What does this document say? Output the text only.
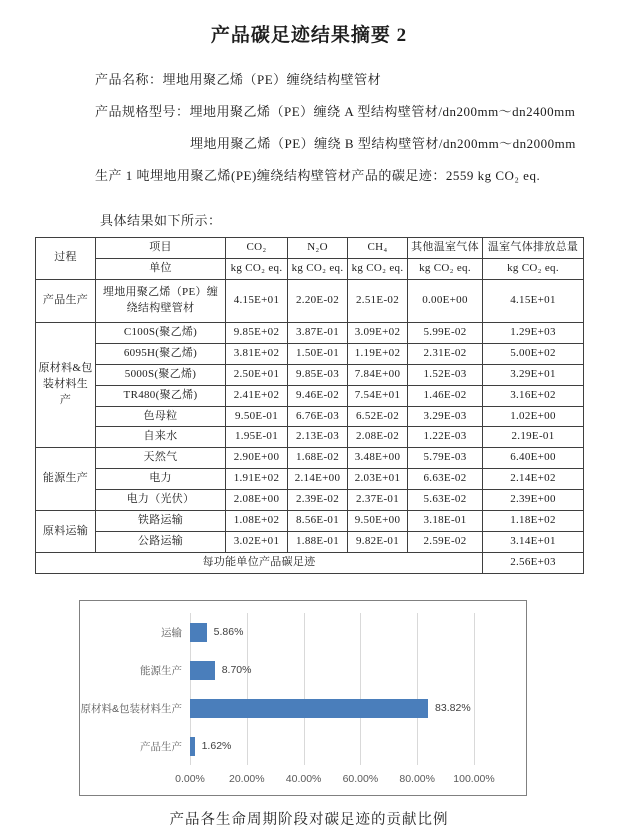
产品碳足迹结果摘要 2

产品名称：埋地用聚乙烯（PE）缠绕结构壁管材

产品规格型号：埋地用聚乙烯（PE）缠绕 A 型结构壁管材/dn200mm～dn2400mm

埋地用聚乙烯（PE）缠绕 B 型结构壁管材/dn200mm～dn2000mm

生产 1 吨埋地用聚乙烯(PE)缠绕结构壁管材产品的碳足迹：2559 kg CO₂ eq.

具体结果如下所示：

过程	项目	CO₂	N₂O	CH₄	其他温室气体	温室气体排放总量
	单位	kg CO₂ eq.	kg CO₂ eq.	kg CO₂ eq.	kg CO₂ eq.	kg CO₂ eq.
产品生产	埋地用聚乙烯（PE）缠绕结构壁管材	4.15E+01	2.20E-02	2.51E-02	0.00E+00	4.15E+01
原材料&包装材料生产	C100S(聚乙烯)	9.85E+02	3.87E-01	3.09E+02	5.99E-02	1.29E+03
	6095H(聚乙烯)	3.81E+02	1.50E-01	1.19E+02	2.31E-02	5.00E+02
	5000S(聚乙烯)	2.50E+01	9.85E-03	7.84E+00	1.52E-03	3.29E+01
	TR480(聚乙烯)	2.41E+02	9.46E-02	7.54E+01	1.46E-02	3.16E+02
	色母粒	9.50E-01	6.76E-03	6.52E-02	3.29E-03	1.02E+00
	自来水	1.95E-01	2.13E-03	2.08E-02	1.22E-03	2.19E-01
能源生产	天然气	2.90E+00	1.68E-02	3.48E+00	5.79E-03	6.40E+00
	电力	1.91E+02	2.14E+00	2.03E+01	6.63E-02	2.14E+02
	电力（光伏）	2.08E+00	2.39E-02	2.37E-01	5.63E-02	2.39E+00
原料运输	铁路运输	1.08E+02	8.56E-01	9.50E+00	3.18E-01	1.18E+02
	公路运输	3.02E+01	1.88E-01	9.82E-01	2.59E-02	3.14E+01
每功能单位产品碳足迹						2.56E+03
运输	5.86%
能源生产	8.70%
原材料&包装材料生产	83.82%
产品生产	1.62%
0.00% 20.00% 40.00% 60.00% 80.00% 100.00%
产品各生命周期阶段对碳足迹的贡献比例
